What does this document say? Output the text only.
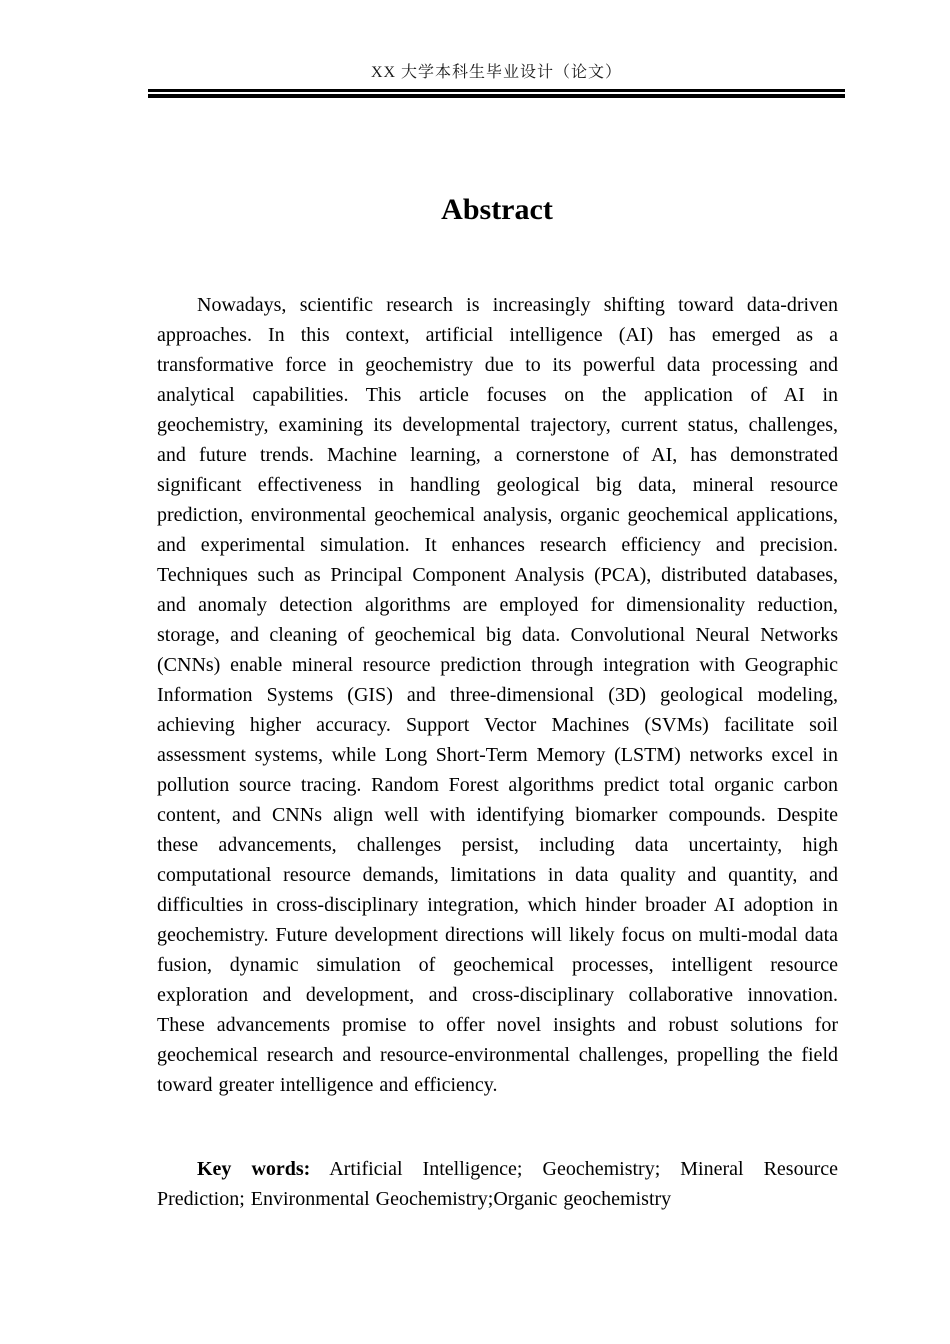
XX 大学本科生毕业设计（论文）
Abstract

Nowadays, scientific research is increasingly shifting toward data-driven approaches. In this context, artificial intelligence (AI) has emerged as a transformative force in geochemistry due to its powerful data processing and analytical capabilities. This article focuses on the application of AI in geochemistry, examining its developmental trajectory, current status, challenges, and future trends. Machine learning, a cornerstone of AI, has demonstrated significant effectiveness in handling geological big data, mineral resource prediction, environmental geochemical analysis, organic geochemical applications, and experimental simulation. It enhances research efficiency and precision. Techniques such as Principal Component Analysis (PCA), distributed databases, and anomaly detection algorithms are employed for dimensionality reduction, storage, and cleaning of geochemical big data. Convolutional Neural Networks (CNNs) enable mineral resource prediction through integration with Geographic Information Systems (GIS) and three-dimensional (3D) geological modeling, achieving higher accuracy. Support Vector Machines (SVMs) facilitate soil assessment systems, while Long Short-Term Memory (LSTM) networks excel in pollution source tracing. Random Forest algorithms predict total organic carbon content, and CNNs align well with identifying biomarker compounds. Despite these advancements, challenges persist, including data uncertainty, high computational resource demands, limitations in data quality and quantity, and difficulties in cross-disciplinary integration, which hinder broader AI adoption in geochemistry. Future development directions will likely focus on multi-modal data fusion, dynamic simulation of geochemical processes, intelligent resource exploration and development, and cross-disciplinary collaborative innovation. These advancements promise to offer novel insights and robust solutions for geochemical research and resource-environmental challenges, propelling the field toward greater intelligence and efficiency.

Key words: Artificial Intelligence; Geochemistry; Mineral Resource Prediction; Environmental Geochemistry;Organic geochemistry
